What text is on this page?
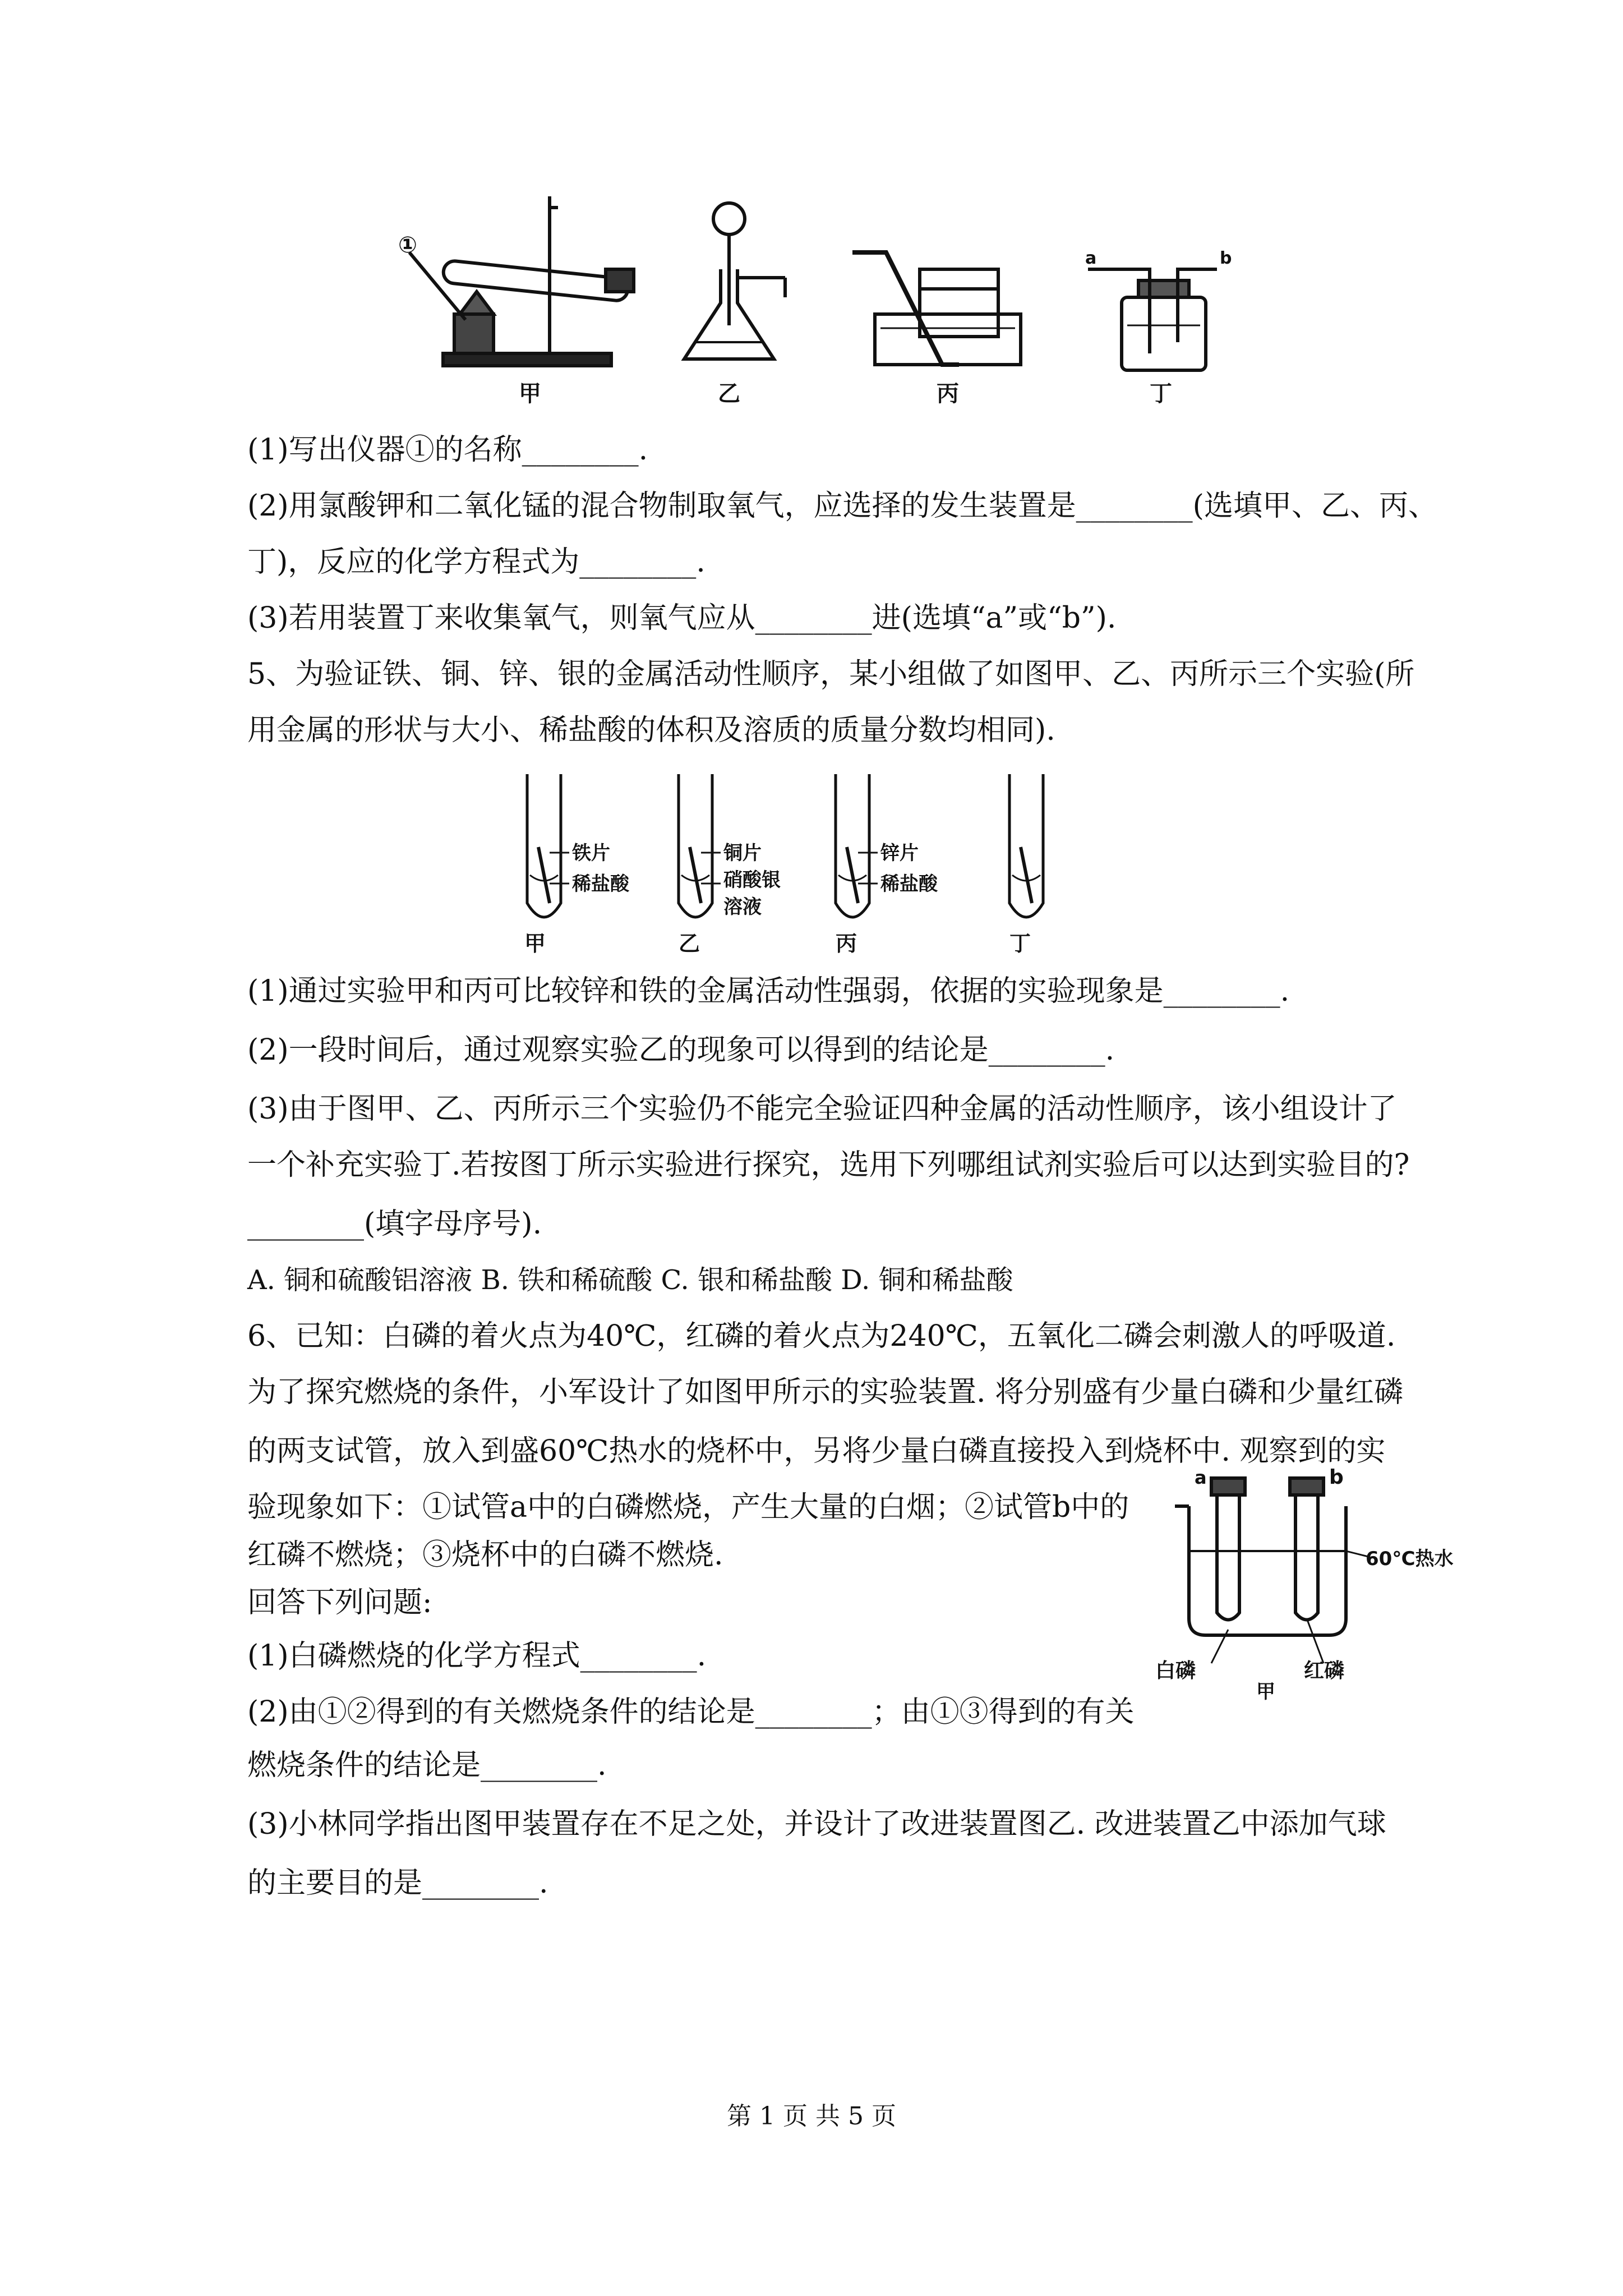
①
a	b
甲	乙	丙	丁
(1)写出仪器①的名称________.
(2)用氯酸钾和二氧化锰的混合物制取氧气，应选择的发生装置是________(选填甲、乙、丙、
丁)，反应的化学方程式为________.
(3)若用装置丁来收集氧气，则氧气应从________进(选填“a”或“b”).
5、为验证铁、铜、锌、银的金属活动性顺序，某小组做了如图甲、乙、丙所示三个实验(所
用金属的形状与大小、稀盐酸的体积及溶质的质量分数均相同).
铁片
稀盐酸
甲
铜片
硝酸银
溶液
乙
锌片
稀盐酸
丙	丁
(1)通过实验甲和丙可比较锌和铁的金属活动性强弱，依据的实验现象是________.
(2)一段时间后，通过观察实验乙的现象可以得到的结论是________.
(3)由于图甲、乙、丙所示三个实验仍不能完全验证四种金属的活动性顺序，该小组设计了
一个补充实验丁.若按图丁所示实验进行探究，选用下列哪组试剂实验后可以达到实验目的?
________(填字母序号).
A. 铜和硫酸铝溶液 B. 铁和稀硫酸 C. 银和稀盐酸 D. 铜和稀盐酸
6、已知：白磷的着火点为40℃，红磷的着火点为240℃，五氧化二磷会刺激人的呼吸道.
为了探究燃烧的条件，小军设计了如图甲所示的实验装置. 将分别盛有少量白磷和少量红磷
的两支试管，放入到盛60℃热水的烧杯中，另将少量白磷直接投入到烧杯中. 观察到的实
验现象如下：①试管a中的白磷燃烧，产生大量的白烟；②试管b中的
红磷不燃烧；③烧杯中的白磷不燃烧.
回答下列问题:
(1)白磷燃烧的化学方程式________.
(2)由①②得到的有关燃烧条件的结论是________；由①③得到的有关
燃烧条件的结论是________.
(3)小林同学指出图甲装置存在不足之处，并设计了改进装置图乙. 改进装置乙中添加气球
的主要目的是________.
a	b
60℃热水
白磷	红磷
甲
第 1 页 共 5 页
